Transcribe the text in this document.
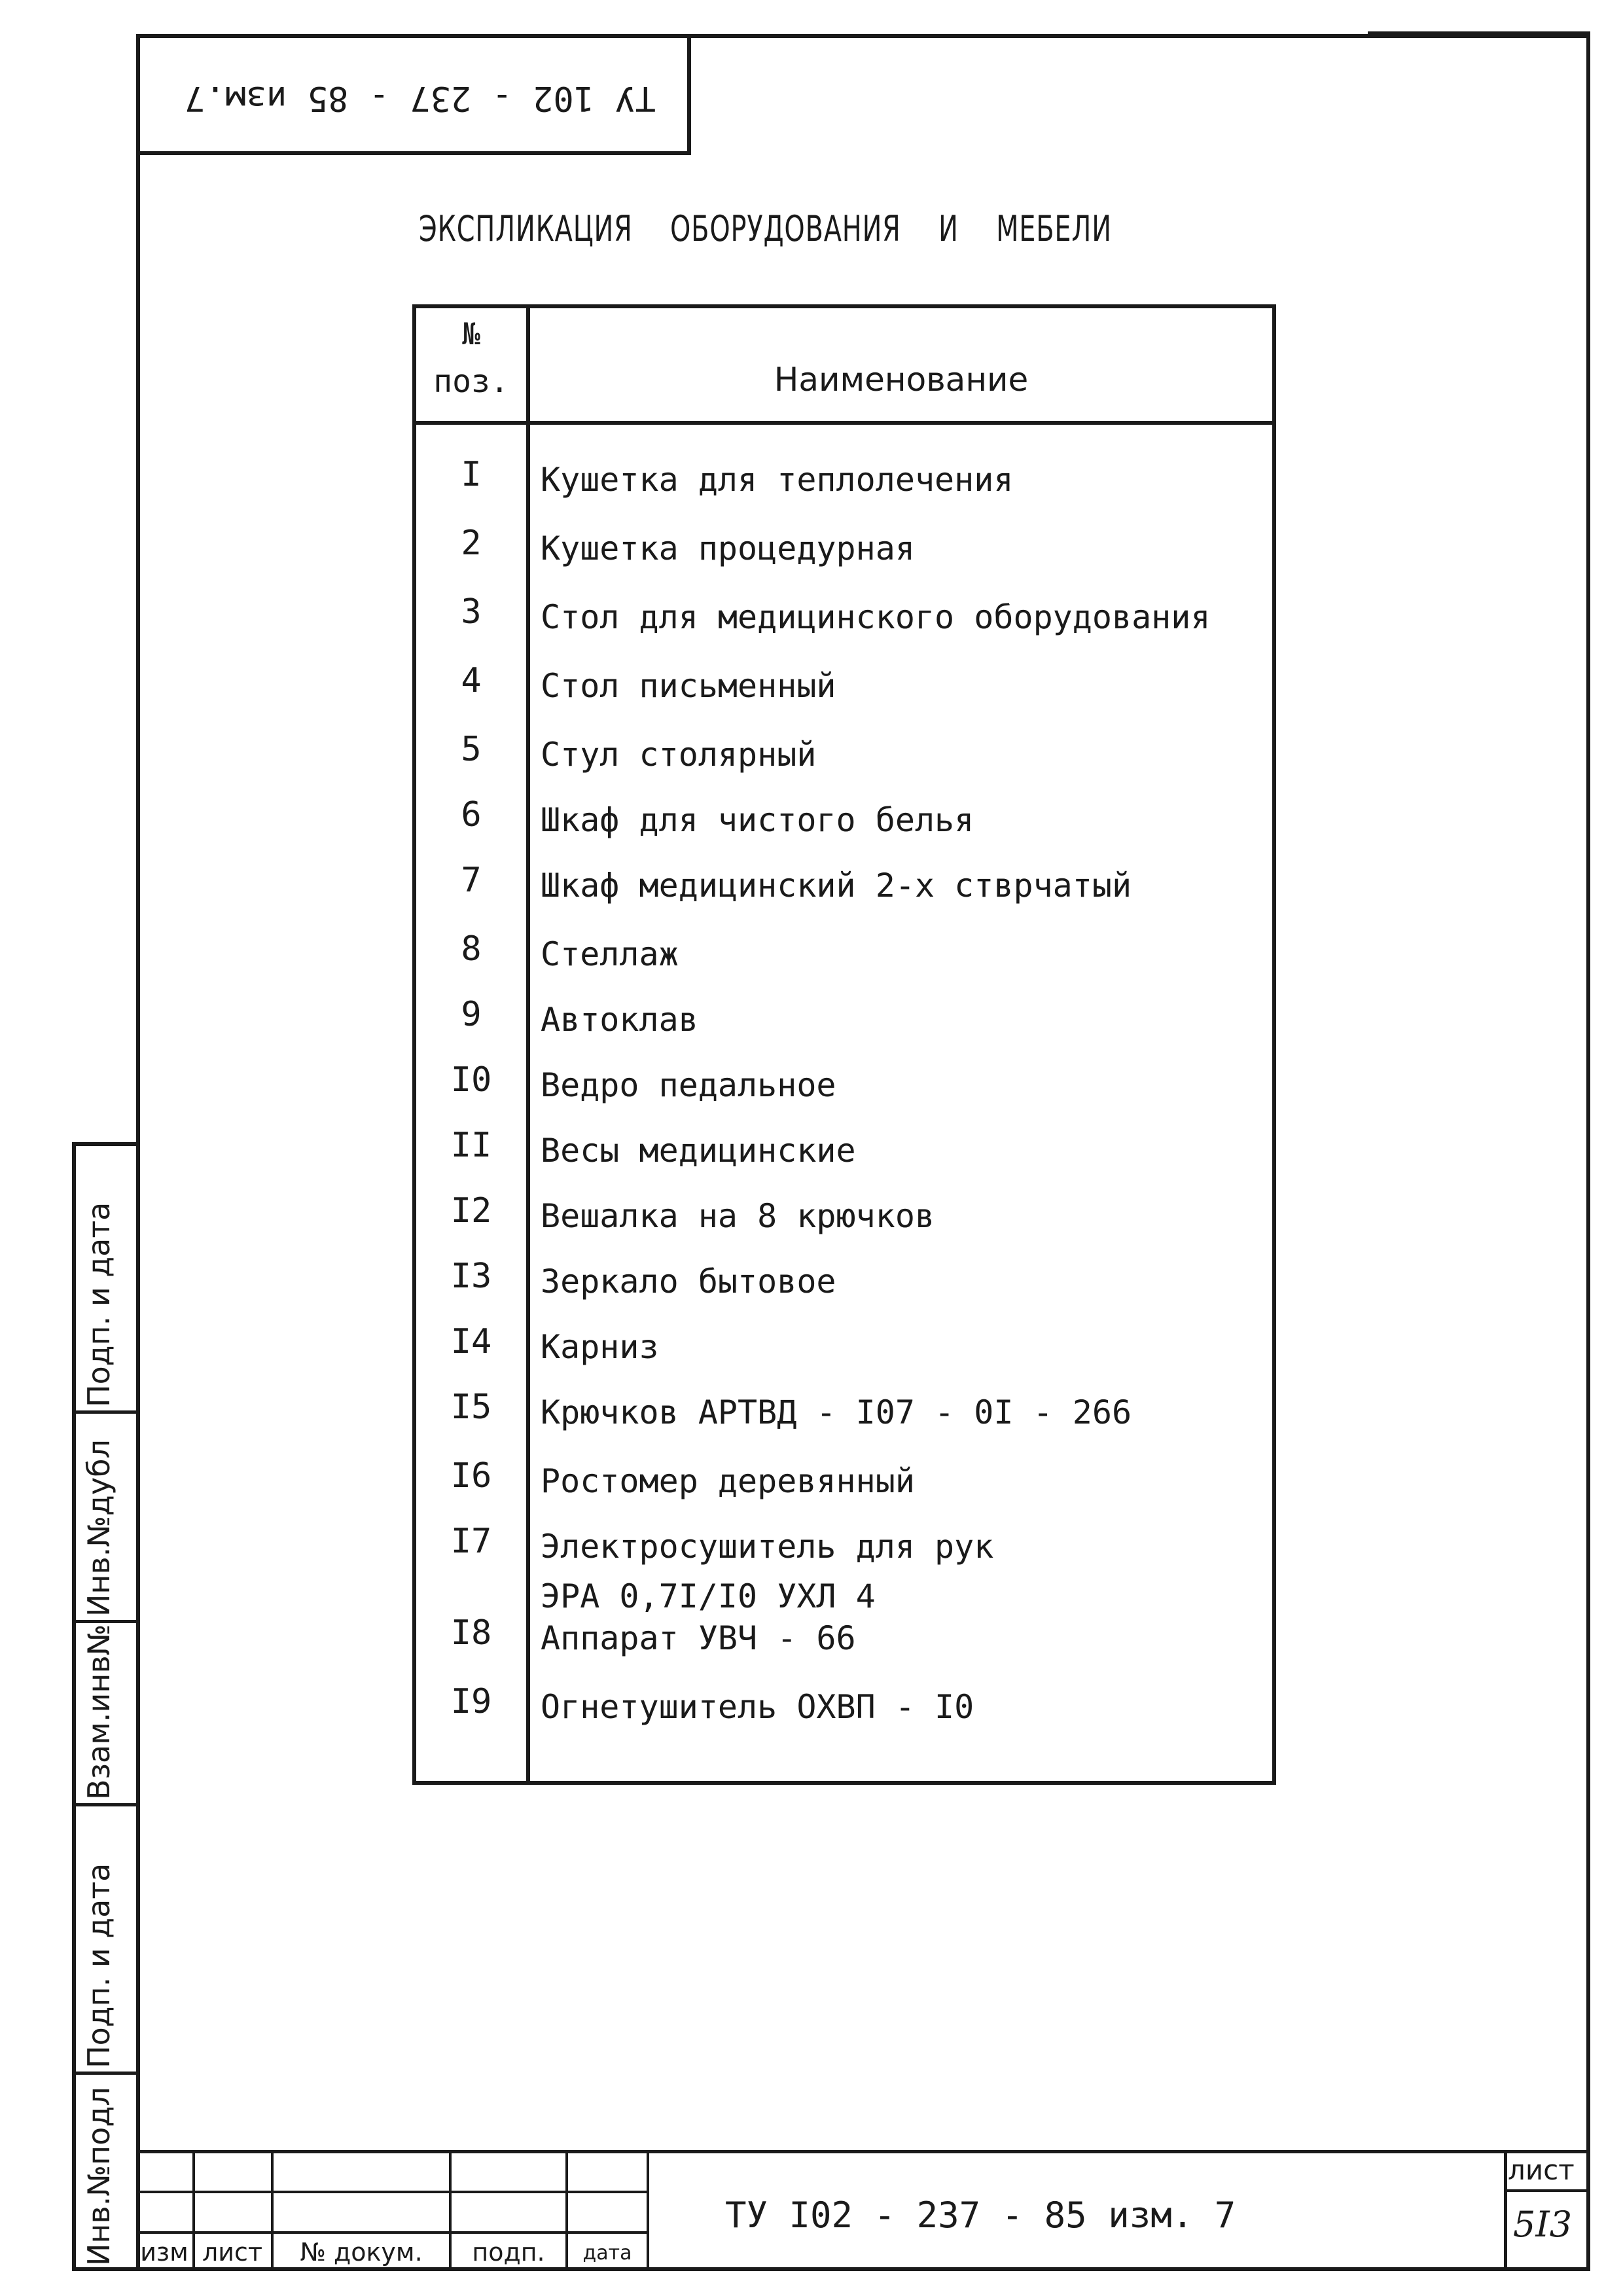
ТУ 102 - 237 - 85 изм.7
ЭКСПЛИКАЦИЯ ОБОРУДОВАНИЯ И МЕБЕЛИ
№
поз.	Наименование
I	Кушетка для теплолечения
2	Кушетка процедурная
3	Стол для медицинского оборудования
4	Стол письменный
5	Стул столярный
6	Шкаф для чистого белья
7	Шкаф медицинский 2-х стврчатый
8	Стеллаж
9	Автоклав
I0	Ведро педальное
II	Весы медицинские
I2	Вешалка на 8 крючков
I3	Зеркало бытовое
I4	Карниз
I5	Крючков АРТВД - I07 - 0I - 266
I6	Ростомер деревянный
I7	Электросушитель для рук
ЭРА 0,7I/I0 УХЛ 4
I8	Аппарат УВЧ - 66
I9	Огнетушитель ОХВП - I0
Инв.№подл
Подп. и дата
Взам.инв№
Инв.№дубл
Подп. и дата
изм лист	№ докум.	подп.	дата
ТУ I02 - 237 - 85 изм. 7
лист
5I3
